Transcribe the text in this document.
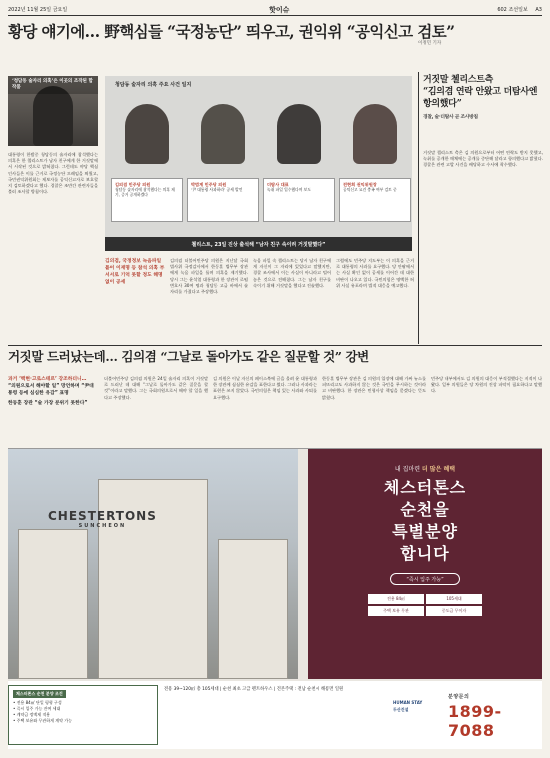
2022년 11월 25일 금요일	핫이슈	602 조선일보 A3
황당 얘기에… 野핵심들 “국정농단” 띄우고, 권익위 “공익신고 검토”
이정민 기자
‘청담동 술자리 의혹’은 이곳의 조작된 합작품
대통령이 한밤중 청담동의 술자리에 참석했다는 의혹은 한 첼리스트가 남자 친구에게 한 거짓말에서 시작된 것으로 밝혀졌다. 그런데도 야당 핵심 인사들은 이를 근거로 국정농단 프레임을 띄웠고, 국민권익위원회는 제보자를 공익신고자로 보호할지 검토하겠다고 했다. 경찰은 조만간 관련자들을 불러 조사할 방침이다.
청담동 술자리 의혹 주요 사건 일지
김의겸 민주당 의원
청담동 술자리에 참석했다는 의혹 제기, 증거 공개하겠다
박범계 민주당 의원
‘尹 대통령 사과하라’ 공세 발언
더탐사 대표
녹취 파일 입수했다며 보도
전현희 권익위원장
공익신고 요건 충족 여부 검토 중
첼리스트, 23일 진상 출석해 “남자 친구 속이려 거짓말했다”
거짓말 첼리스트측
“김의겸 연락 안왔고 더탐사엔 항의했다”
경찰, 술·더탐사 곧 조사방침
거짓말 첼리스트 측은 김 의원으로부터 어떤 연락도 받지 못했고, 녹취를 공개한 매체에는 공개를 중단해 달라고 항의했다고 밝혔다. 경찰은 관련 고발 사건을 배당하고 수사에 착수했다.
김의겸, 국정정보 녹음파일 틀어 이재명 등 참석 의혹 부서서로 기억 못할 정도 해명 없이 공세
김의겸 더불어민주당 의원은 지난달 국회 법사위 국정감사에서 한동훈 법무부 장관에게 녹음 파일을 틀며 의혹을 제기했다. 당시 그는 윤석열 대통령과 한 장관이 로펌 변호사 30여 명과 청담동 고급 바에서 술자리를 가졌다고 주장했다.
녹음 파일 속 첼리스트는 당시 남자 친구에게 자신이 그 자리에 있었다고 말했지만, 경찰 조사에서 이는 사실이 아니라고 털어놓은 것으로 전해졌다. 그는 남자 친구를 속이기 위해 거짓말을 했다고 진술했다.
그럼에도 민주당 지도부는 이 의혹을 근거로 대통령의 사과를 요구했다. 당 안팎에서는 사실 확인 없이 공세를 이어간 데 대한 비판이 나오고 있다. 국민의힘은 명백한 허위 사실 유포라며 법적 대응을 예고했다.
거짓말 드러났는데… 김의겸 “그날로 돌아가도 같은 질문할 것” 강변
과거 ‘백현·고로스테르’ 강조하더니…
“의원으로서 해야할 일” 망언하며 “尹대통령 등에 심심한 유감” 표명
한동훈 장관 “술 가장 분위기 못한다”
더불어민주당 김의겸 의원은 24일 술자리 의혹이 거짓말로 드러난 데 대해 “그날로 돌아가도 같은 질문을 할 것”이라고 말했다. 그는 국회의원으로서 해야 할 일을 했다고 주장했다.
김 의원은 이날 자신의 페이스북에 글을 올려 윤 대통령과 한 장관께 심심한 유감을 표한다고 썼다. 그러나 사과라는 표현은 쓰지 않았다. 국민의힘은 책임 있는 사과와 사퇴를 요구했다.
한동훈 법무부 장관은 김 의원의 입장에 대해 가짜 뉴스를 퍼뜨리고도 사과하지 않는 것은 국민을 무시하는 것이라고 비판했다. 한 장관은 민형사상 책임을 묻겠다는 뜻도 밝혔다.
민주당 내부에서도 김 의원의 대응이 부적절했다는 지적이 나왔다. 일부 의원들은 당 차원의 진상 파악이 필요하다고 말했다.
CHESTERTONS
SUNCHEON
내 집마련 더 많은 혜택
체스터톤스
순천을
특별분양
합니다
“즉시 입주 가능”
전용 84㎡	105세대
주택 보유 무관	중도금 무이자
체스터톤스 순천 분양 조건
• 전용 84㎡ 단일 평형 구성
• 즉시 입주 가능 잔여 세대
• 계약금 정액제 적용
• 주택 보유와 무관하게 계약 가능
전용 39~120㎡ 총 105세대 | 순천 최초 고급 펜트하우스 | 견본주택 : 전남 순천시 해룡면 일원
HUMAN STAY
두산건설
분양문의
1899-7088
